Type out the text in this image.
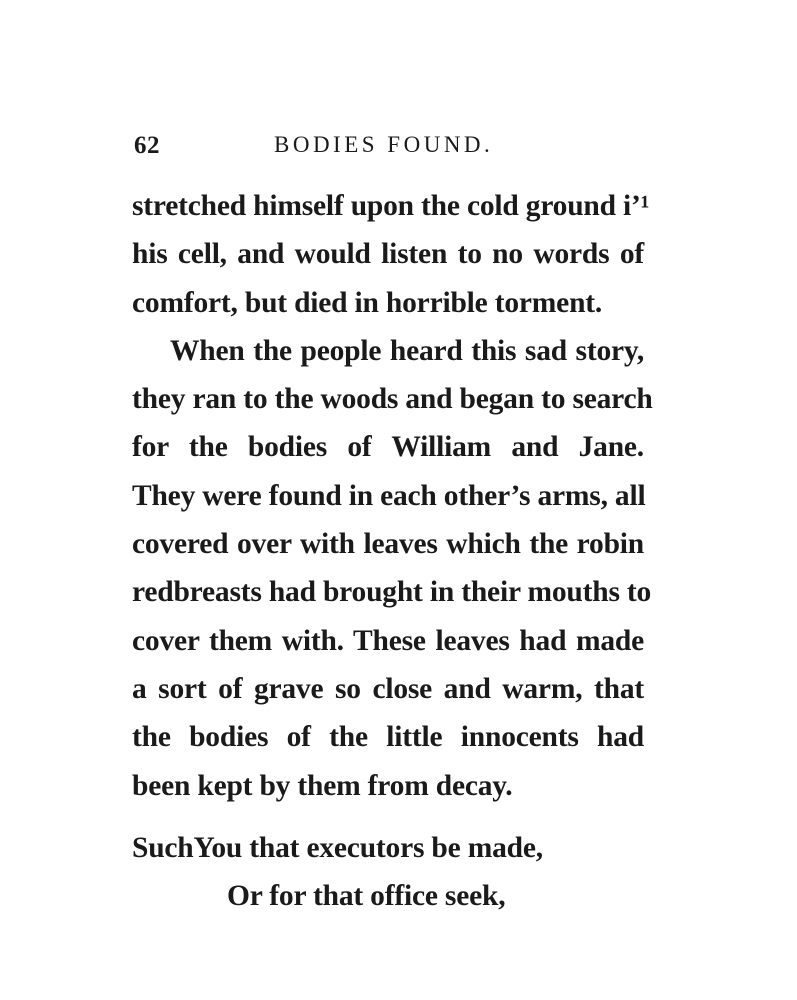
62	BODIES FOUND.

stretched himself upon the cold ground i’¹
his cell, and would listen to no words of
comfort, but died in horrible torment.

When the people heard this sad story,
they ran to the woods and began to search
for the bodies of William and Jane.
They were found in each other’s arms, all
covered over with leaves which the robin
redbreasts had brought in their mouths to
cover them with. These leaves had made
a sort of grave so close and warm, that
the bodies of the little innocents had
been kept by them from decay.

SuchYou that executors be made,
Or for that office seek,
